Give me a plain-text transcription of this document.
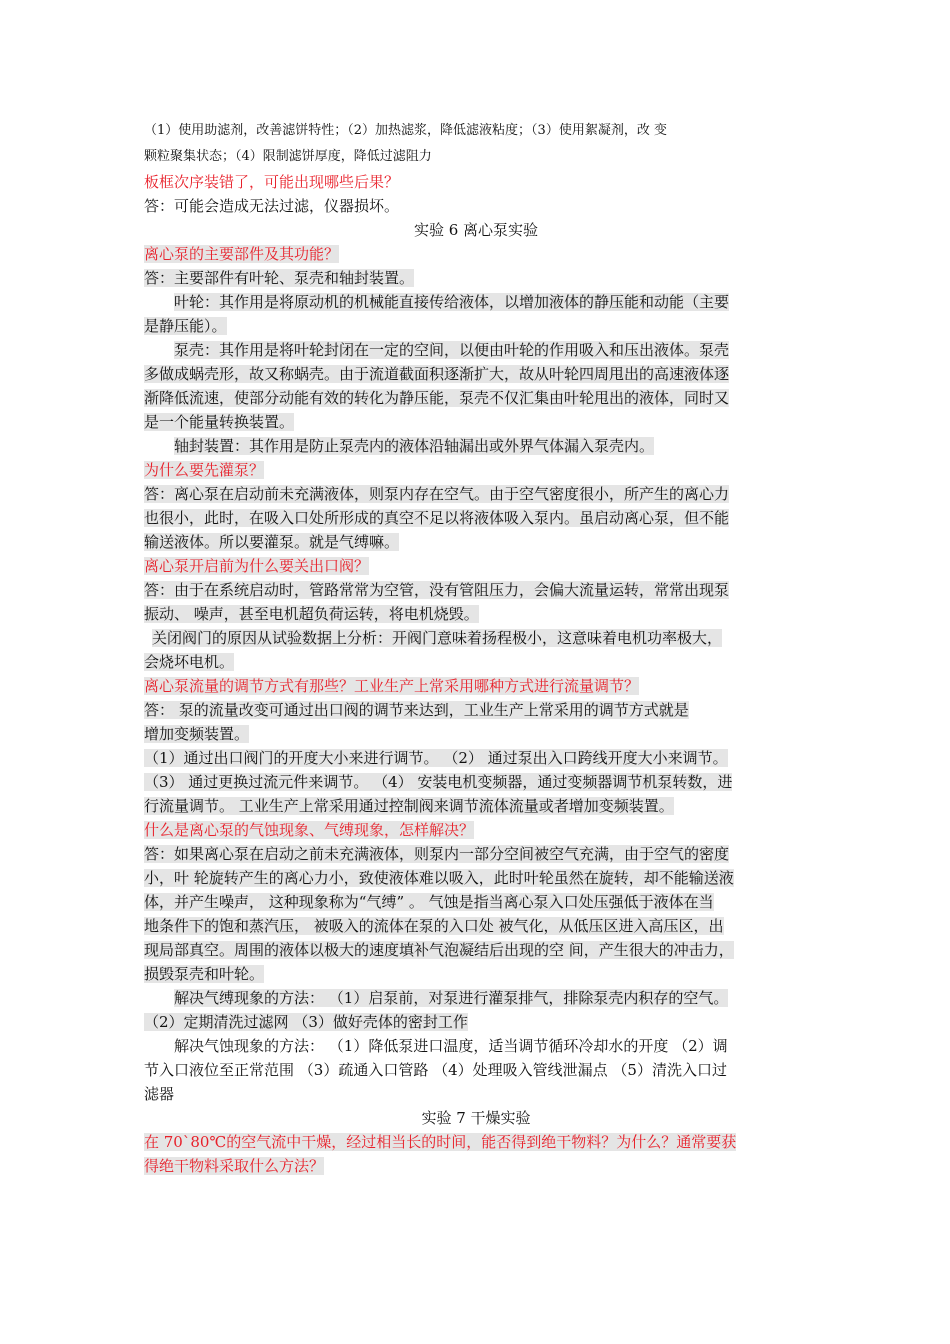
（1）使用助滤剂，改善滤饼特性；（2）加热滤浆，降低滤液粘度；（3）使用絮凝剂，改 变
颗粒聚集状态；（4）限制滤饼厚度，降低过滤阻力
板框次序装错了，可能出现哪些后果？
答：可能会造成无法过滤，仪器损坏。
实验 6 离心泵实验
离心泵的主要部件及其功能？
答：主要部件有叶轮、泵壳和轴封装置。
叶轮：其作用是将原动机的机械能直接传给液体，以增加液体的静压能和动能（主要
是静压能）。
泵壳：其作用是将叶轮封闭在一定的空间，以便由叶轮的作用吸入和压出液体。泵壳
多做成蜗壳形，故又称蜗壳。由于流道截面积逐渐扩大，故从叶轮四周甩出的高速液体逐
渐降低流速，使部分动能有效的转化为静压能，泵壳不仅汇集由叶轮甩出的液体，同时又
是一个能量转换装置。
轴封装置：其作用是防止泵壳内的液体沿轴漏出或外界气体漏入泵壳内。
为什么要先灌泵？
答：离心泵在启动前未充满液体，则泵内存在空气。由于空气密度很小，所产生的离心力
也很小，此时，在吸入口处所形成的真空不足以将液体吸入泵内。虽启动离心泵，但不能
输送液体。所以要灌泵。就是气缚嘛。
离心泵开启前为什么要关出口阀？
答：由于在系统启动时，管路常常为空管，没有管阻压力，会偏大流量运转，常常出现泵
振动、 噪声，甚至电机超负荷运转，将电机烧毁。
关闭阀门的原因从试验数据上分析：开阀门意味着扬程极小，这意味着电机功率极大，
会烧坏电机。
离心泵流量的调节方式有那些？工业生产上常采用哪种方式进行流量调节？
答： 泵的流量改变可通过出口阀的调节来达到，工业生产上常采用的调节方式就是
增加变频装置。
（1）通过出口阀门的开度大小来进行调节。 （2） 通过泵出入口跨线开度大小来调节。
（3） 通过更换过流元件来调节。 （4） 安装电机变频器，通过变频器调节机泵转数，进
行流量调节。 工业生产上常采用通过控制阀来调节流体流量或者增加变频装置。
什么是离心泵的气蚀现象、气缚现象，怎样解决？
答：如果离心泵在启动之前未充满液体，则泵内一部分空间被空气充满，由于空气的密度
小，叶 轮旋转产生的离心力小，致使液体难以吸入，此时叶轮虽然在旋转，却不能输送液
体，并产生噪声， 这种现象称为“气缚” 。 气蚀是指当离心泵入口处压强低于液体在当
地条件下的饱和蒸汽压， 被吸入的流体在泵的入口处 被气化，从低压区进入高压区，出
现局部真空。周围的液体以极大的速度填补气泡凝结后出现的空 间，产生很大的冲击力，
损毁泵壳和叶轮。
解决气缚现象的方法： （1）启泵前，对泵进行灌泵排气，排除泵壳内积存的空气。
（2）定期清洗过滤网 （3）做好壳体的密封工作
解决气蚀现象的方法： （1）降低泵进口温度，适当调节循环冷却水的开度 （2）调
节入口液位至正常范围 （3）疏通入口管路 （4）处理吸入管线泄漏点 （5）清洗入口过
滤器
实验 7 干燥实验
在 70`80℃的空气流中干燥，经过相当长的时间，能否得到绝干物料？为什么？通常要获
得绝干物料采取什么方法？
